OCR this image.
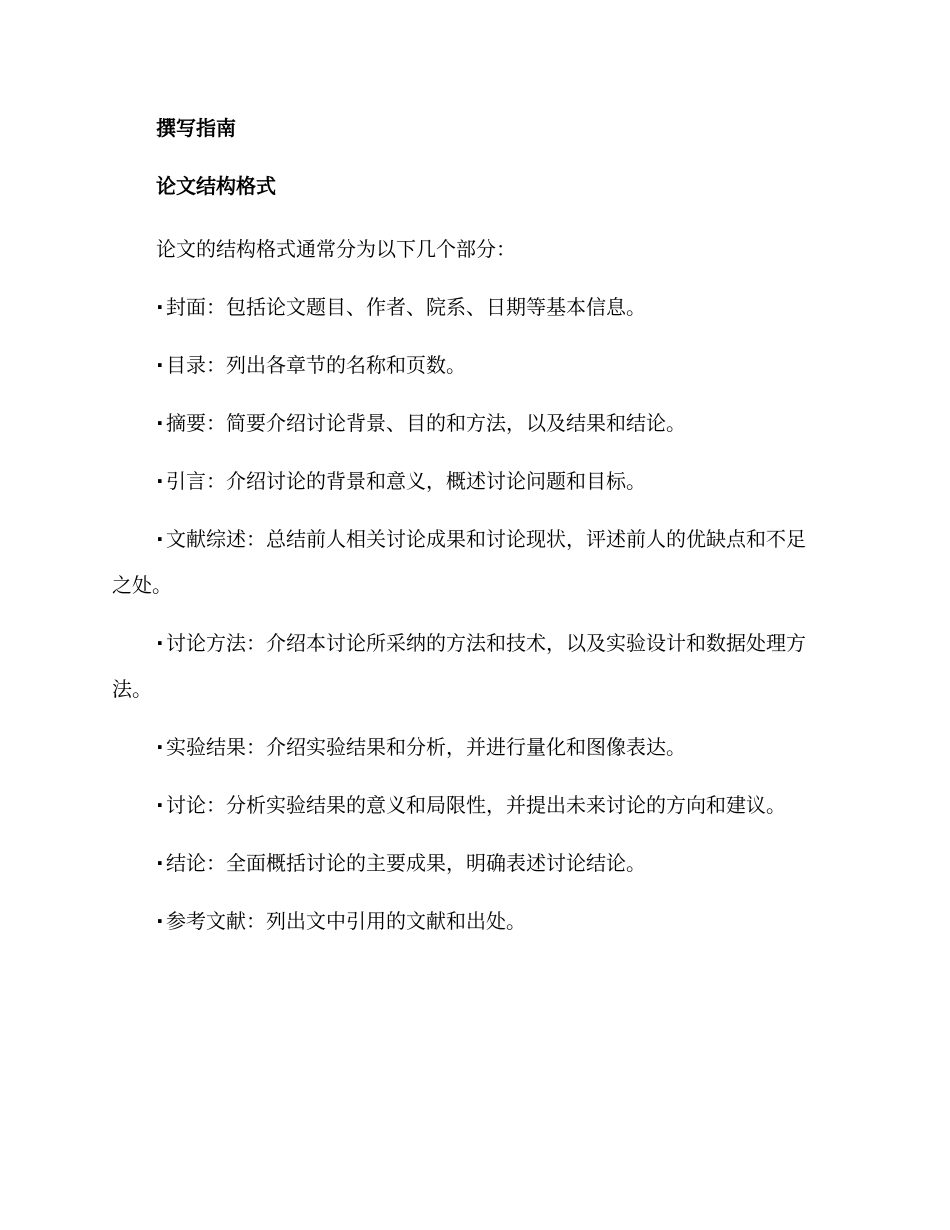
撰写指南
论文结构格式
论文的结构格式通常分为以下几个部分：
· 封面：包括论文题目、作者、院系、日期等基本信息。
· 目录：列出各章节的名称和页数。
· 摘要：简要介绍讨论背景、目的和方法，以及结果和结论。
· 引言：介绍讨论的背景和意义，概述讨论问题和目标。
· 文献综述：总结前人相关讨论成果和讨论现状，评述前人的优缺点和不足之处。
· 讨论方法：介绍本讨论所采纳的方法和技术，以及实验设计和数据处理方法。
· 实验结果：介绍实验结果和分析，并进行量化和图像表达。
· 讨论：分析实验结果的意义和局限性，并提出未来讨论的方向和建议。
· 结论：全面概括讨论的主要成果，明确表述讨论结论。
· 参考文献：列出文中引用的文献和出处。
